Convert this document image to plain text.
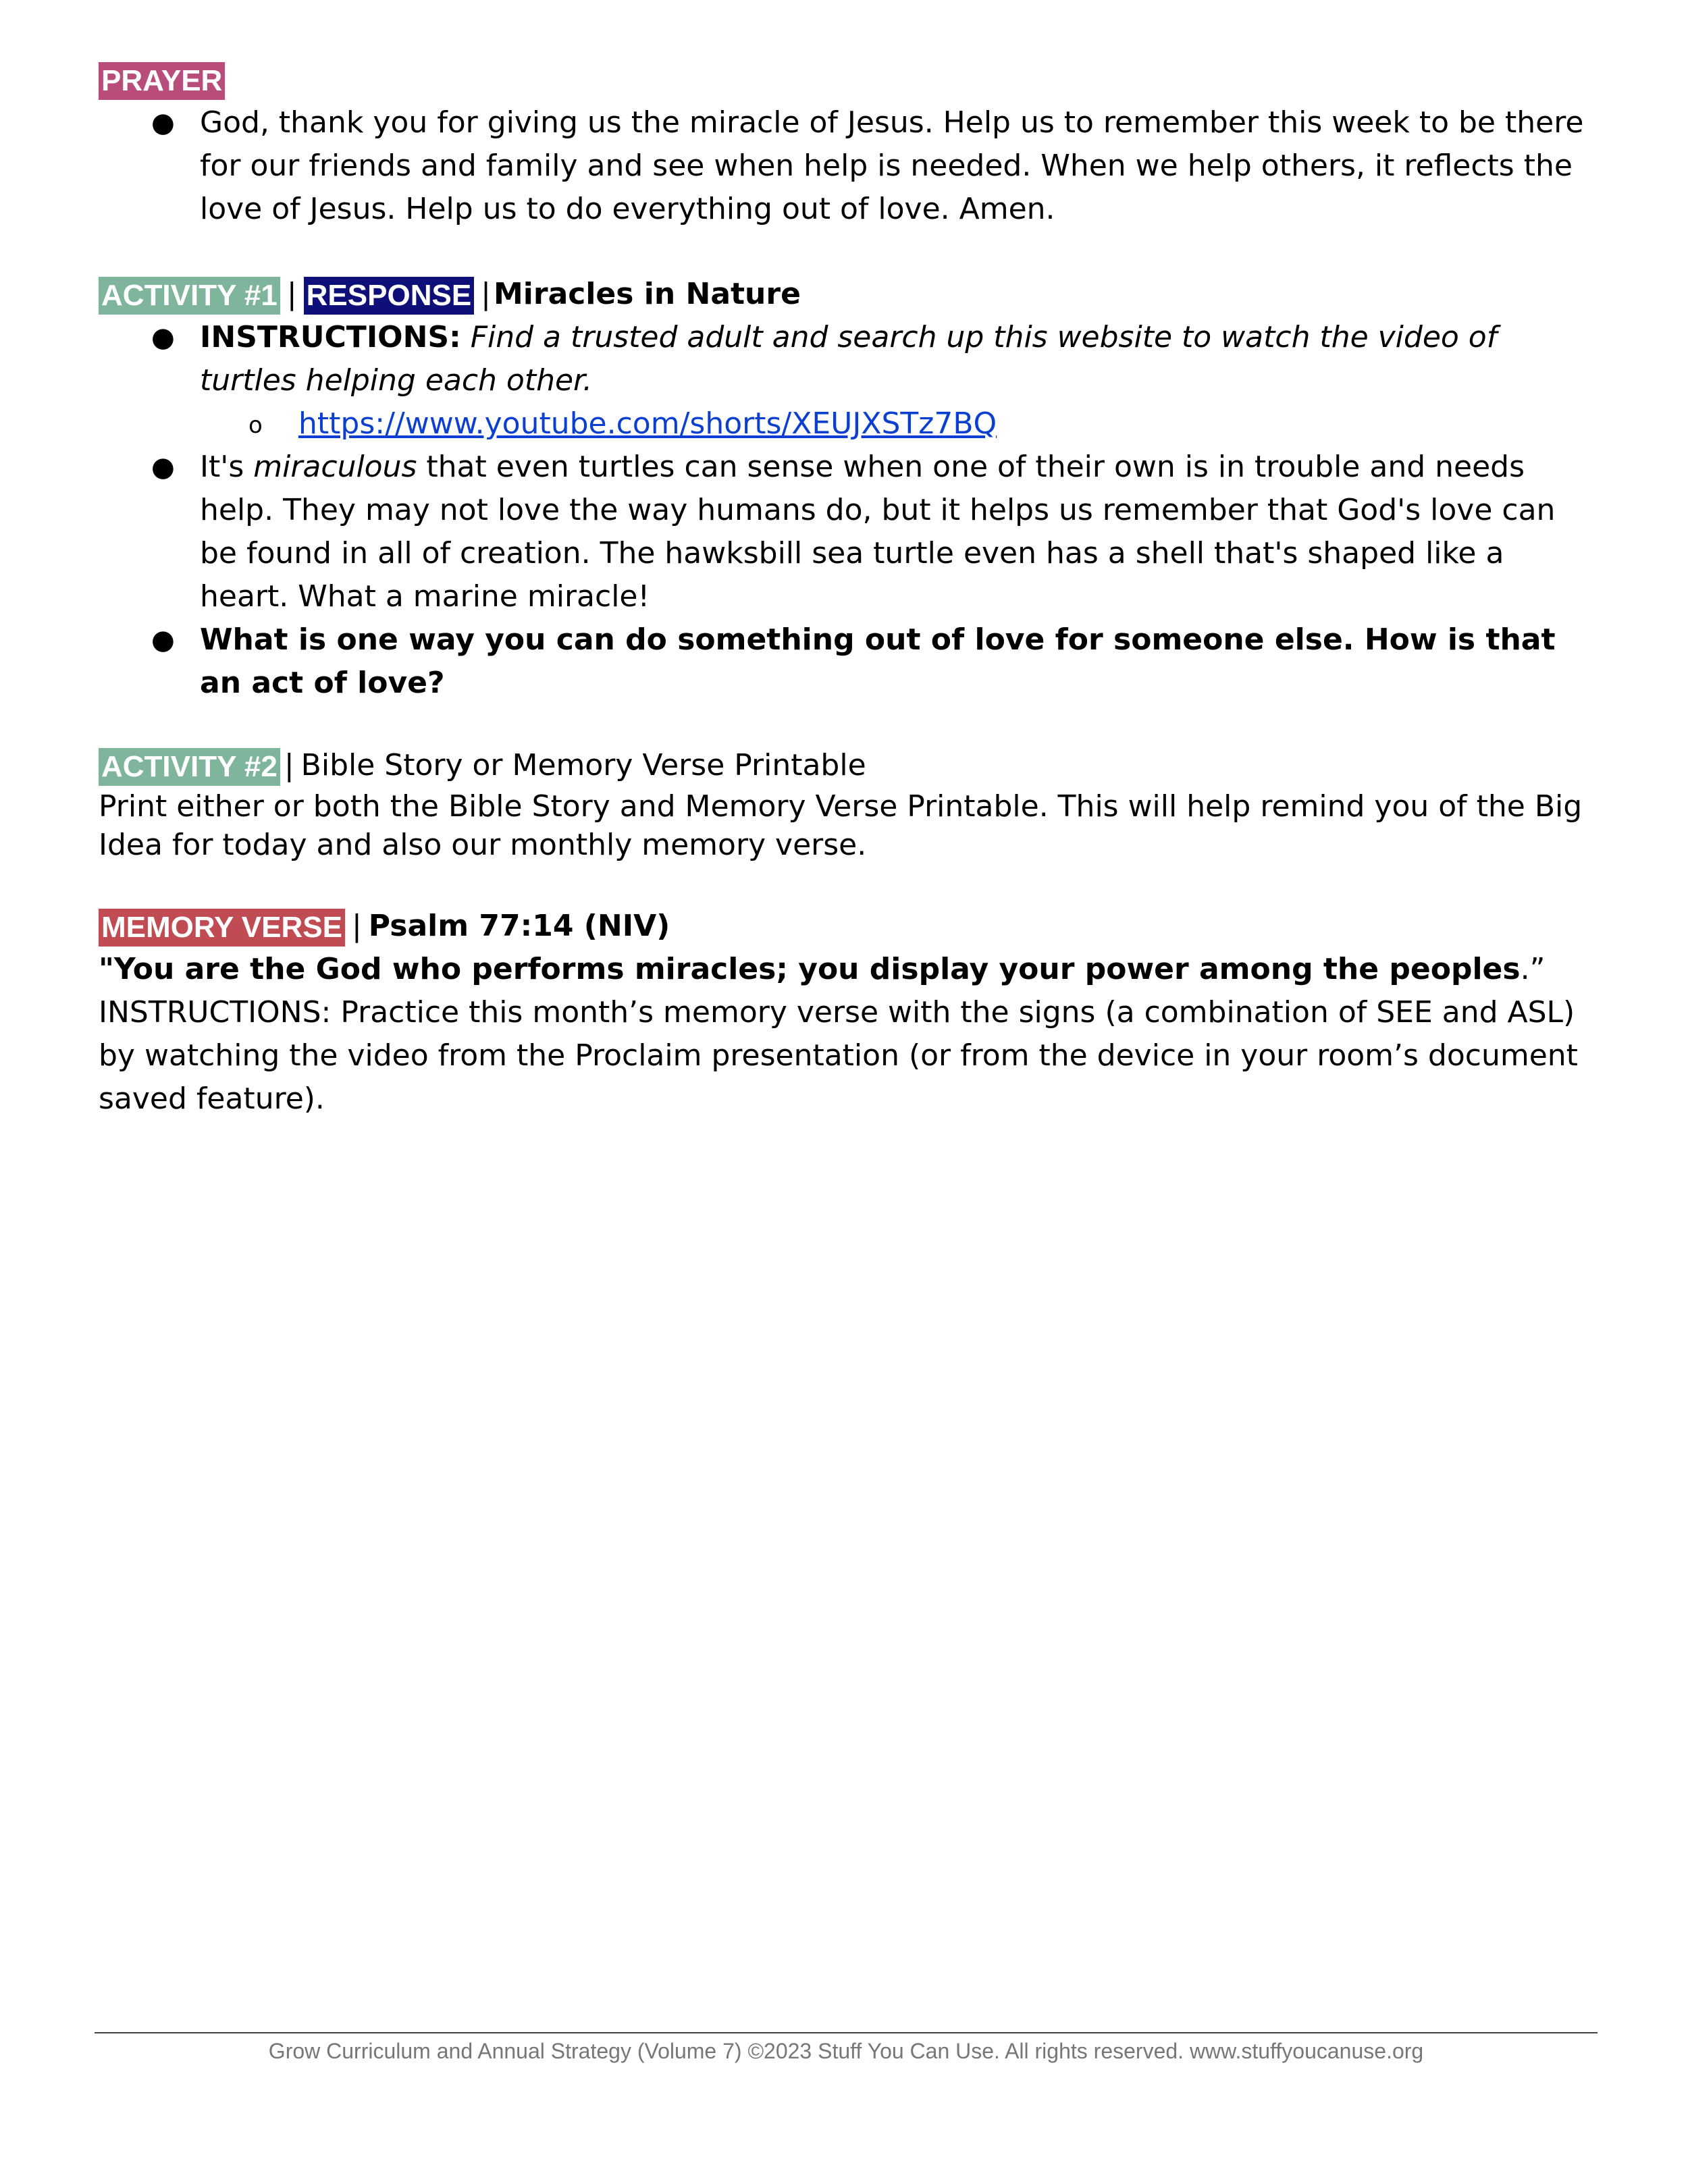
PRAYER
● God, thank you for giving us the miracle of Jesus. Help us to remember this week to be there for our friends and family and see when help is needed. When we help others, it reflects the love of Jesus. Help us to do everything out of love. Amen.
ACTIVITY #1 | RESPONSE |Miracles in Nature
● INSTRUCTIONS: Find a trusted adult and search up this website to watch the video of turtles helping each other.
o https://www.youtube.com/shorts/XEUJXSTz7BQ
● It's miraculous that even turtles can sense when one of their own is in trouble and needs help. They may not love the way humans do, but it helps us remember that God's love can be found in all of creation. The hawksbill sea turtle even has a shell that's shaped like a heart. What a marine miracle!
● What is one way you can do something out of love for someone else. How is that an act of love?
ACTIVITY #2 | Bible Story or Memory Verse Printable
Print either or both the Bible Story and Memory Verse Printable. This will help remind you of the Big Idea for today and also our monthly memory verse.
MEMORY VERSE | Psalm 77:14 (NIV)
"You are the God who performs miracles; you display your power among the peoples.”
INSTRUCTIONS: Practice this month’s memory verse with the signs (a combination of SEE and ASL) by watching the video from the Proclaim presentation (or from the device in your room’s document saved feature).
Grow Curriculum and Annual Strategy (Volume 7) ©2023 Stuff You Can Use. All rights reserved. www.stuffyoucanuse.org
